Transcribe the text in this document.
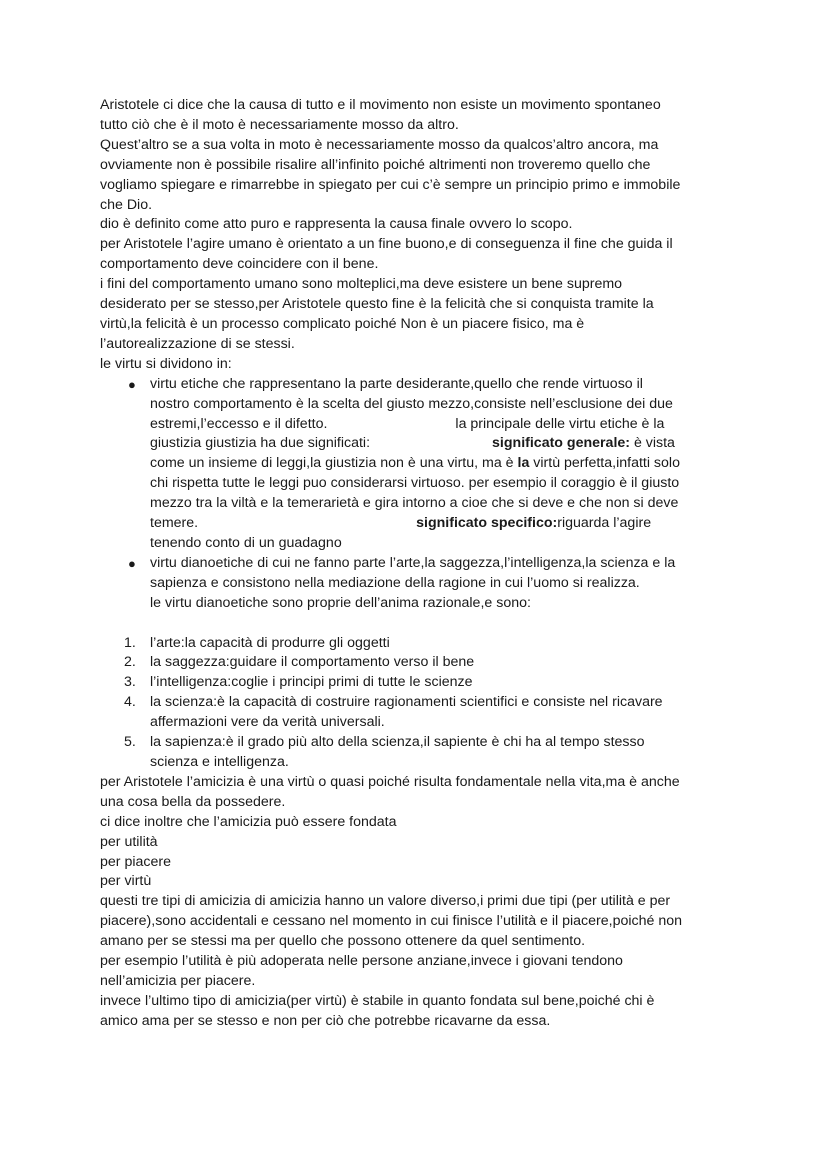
Aristotele ci dice che la causa di tutto e il movimento non esiste un movimento spontaneo
tutto ciò che è il moto è necessariamente mosso da altro.
Quest’altro se a sua volta in moto è necessariamente mosso da qualcos’altro ancora, ma
ovviamente non è possibile risalire all’infinito poiché altrimenti non troveremo quello che
vogliamo spiegare e rimarrebbe in spiegato per cui c’è sempre un principio primo e immobile
che Dio.
dio è definito come atto puro e rappresenta la causa finale ovvero lo scopo.
per Aristotele l’agire umano è orientato a un fine buono,e di conseguenza il fine che guida il
comportamento deve coincidere con il bene.
i fini del comportamento umano sono molteplici,ma deve esistere un bene supremo
desiderato per se stesso,per Aristotele questo fine è la felicità che si conquista tramite la
virtù,la felicità è un processo complicato poiché Non è un piacere fisico, ma è
l’autorealizzazione di se stessi.
le virtu si dividono in:
● virtu etiche che rappresentano la parte desiderante,quello che rende virtuoso il
nostro comportamento è la scelta del giusto mezzo,consiste nell’esclusione dei due
estremi,l’eccesso e il difetto.	la principale delle virtu etiche è la
giustizia giustizia ha due significati:	significato generale: è vista
come un insieme di leggi,la giustizia non è una virtu, ma è la virtù perfetta,infatti solo
chi rispetta tutte le leggi puo considerarsi virtuoso. per esempio il coraggio è il giusto
mezzo tra la viltà e la temerarietà e gira intorno a cioe che si deve e che non si deve
temere.	significato specifico:riguarda l’agire
tenendo conto di un guadagno
● virtu dianoetiche di cui ne fanno parte l’arte,la saggezza,l’intelligenza,la scienza e la
sapienza e consistono nella mediazione della ragione in cui l’uomo si realizza.
le virtu dianoetiche sono proprie dell’anima razionale,e sono:
1. l’arte:la capacità di produrre gli oggetti
2. la saggezza:guidare il comportamento verso il bene
3. l’intelligenza:coglie i principi primi di tutte le scienze
4. la scienza:è la capacità di costruire ragionamenti scientifici e consiste nel ricavare
affermazioni vere da verità universali.
5. la sapienza:è il grado più alto della scienza,il sapiente è chi ha al tempo stesso
scienza e intelligenza.
per Aristotele l’amicizia è una virtù o quasi poiché risulta fondamentale nella vita,ma è anche
una cosa bella da possedere.
ci dice inoltre che l’amicizia può essere fondata
per utilità
per piacere
per virtù
questi tre tipi di amicizia di amicizia hanno un valore diverso,i primi due tipi (per utilità e per
piacere),sono accidentali e cessano nel momento in cui finisce l’utilità e il piacere,poiché non
amano per se stessi ma per quello che possono ottenere da quel sentimento.
per esempio l’utilità è più adoperata nelle persone anziane,invece i giovani tendono
nell’amicizia per piacere.
invece l’ultimo tipo di amicizia(per virtù) è stabile in quanto fondata sul bene,poiché chi è
amico ama per se stesso e non per ciò che potrebbe ricavarne da essa.
